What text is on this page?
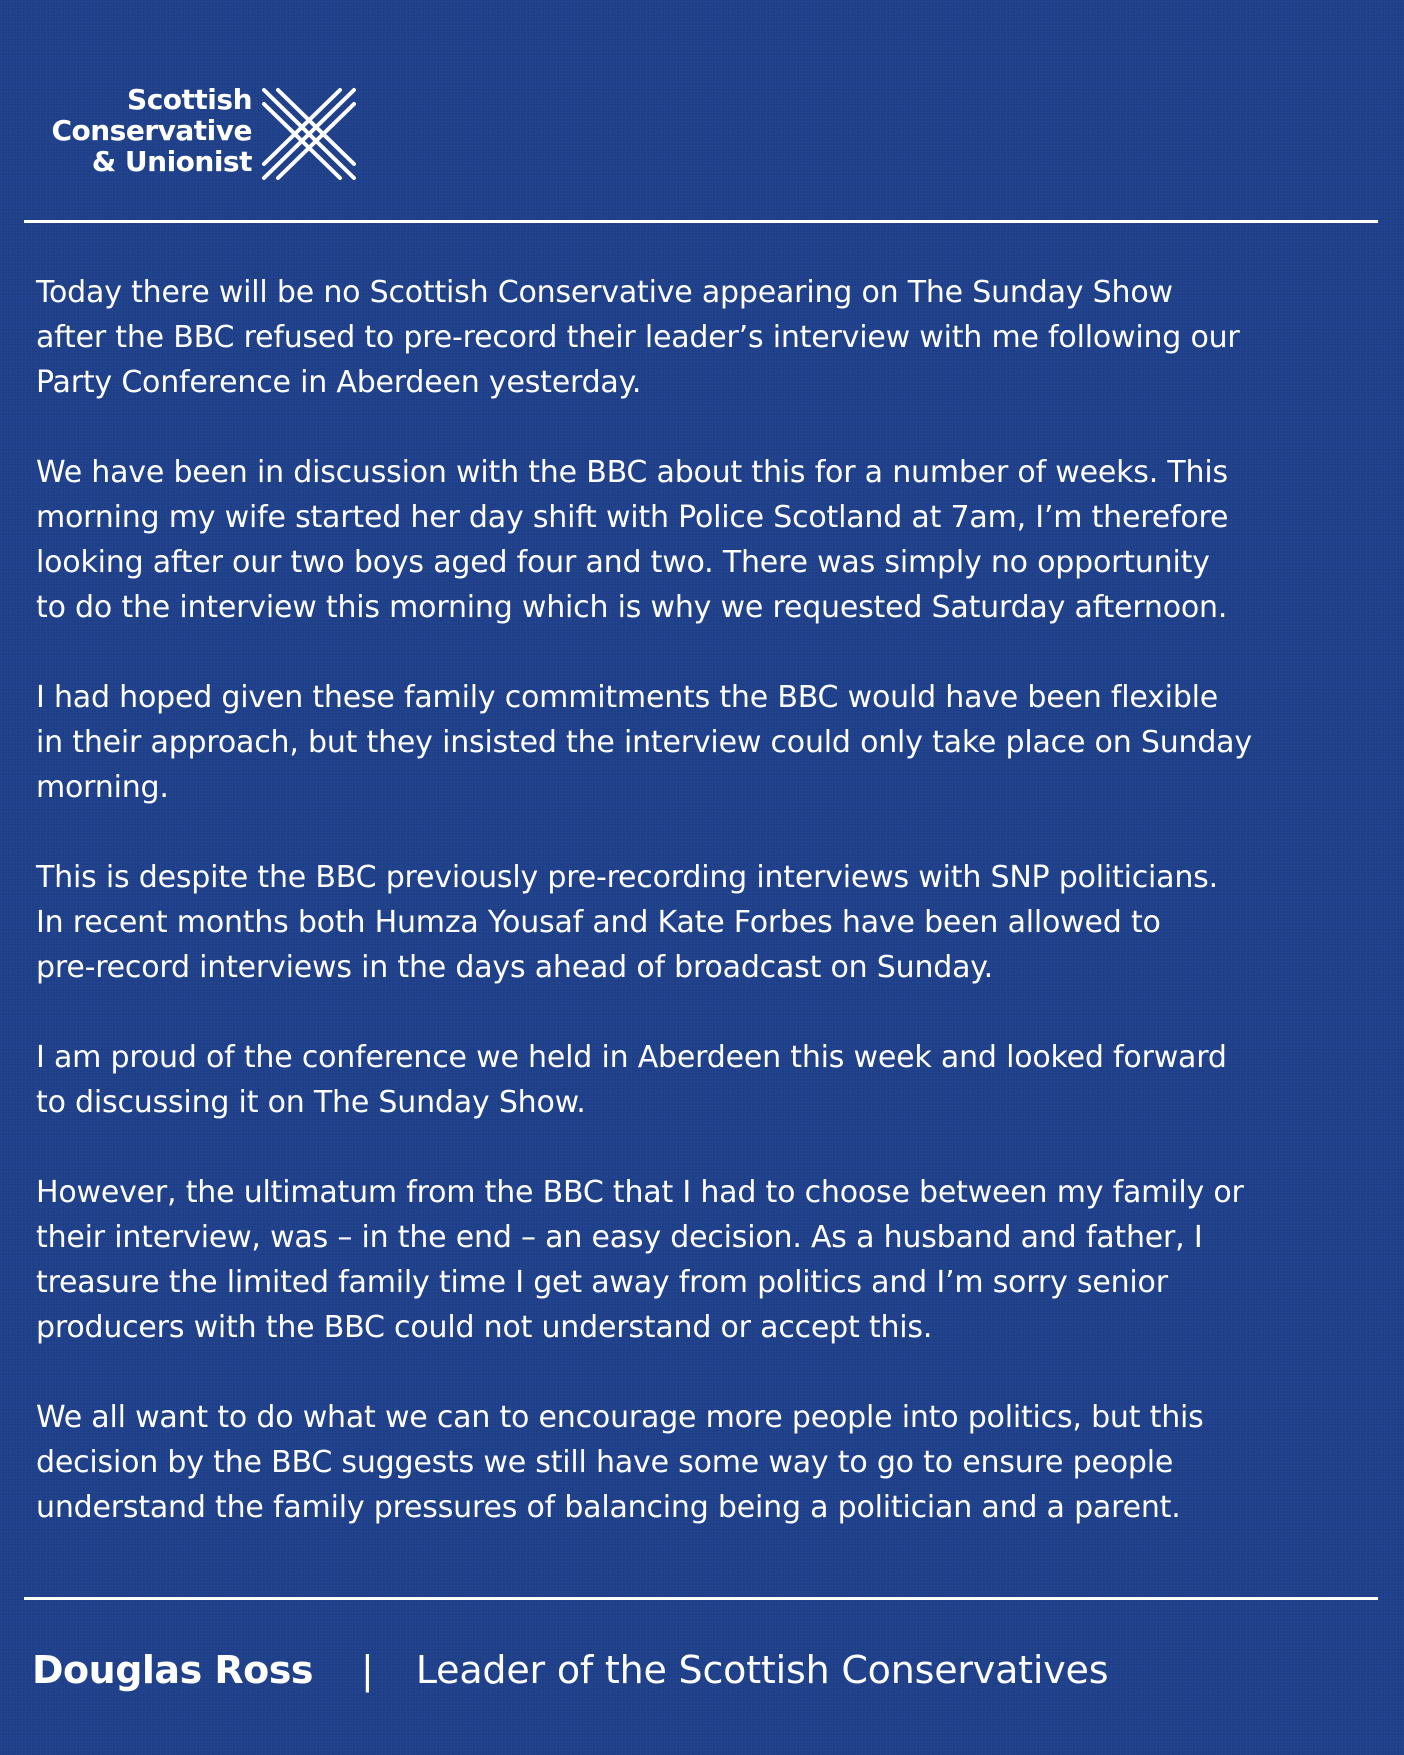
Scottish
Conservative
& Unionist

Today there will be no Scottish Conservative appearing on The Sunday Show
after the BBC refused to pre-record their leader’s interview with me following our
Party Conference in Aberdeen yesterday.

We have been in discussion with the BBC about this for a number of weeks. This
morning my wife started her day shift with Police Scotland at 7am, I’m therefore
looking after our two boys aged four and two. There was simply no opportunity
to do the interview this morning which is why we requested Saturday afternoon.

I had hoped given these family commitments the BBC would have been flexible
in their approach, but they insisted the interview could only take place on Sunday
morning.

This is despite the BBC previously pre-recording interviews with SNP politicians.
In recent months both Humza Yousaf and Kate Forbes have been allowed to
pre-record interviews in the days ahead of broadcast on Sunday.

I am proud of the conference we held in Aberdeen this week and looked forward
to discussing it on The Sunday Show.

However, the ultimatum from the BBC that I had to choose between my family or
their interview, was – in the end – an easy decision. As a husband and father, I
treasure the limited family time I get away from politics and I’m sorry senior
producers with the BBC could not understand or accept this.

We all want to do what we can to encourage more people into politics, but this
decision by the BBC suggests we still have some way to go to ensure people
understand the family pressures of balancing being a politician and a parent.

Douglas Ross | Leader of the Scottish Conservatives
